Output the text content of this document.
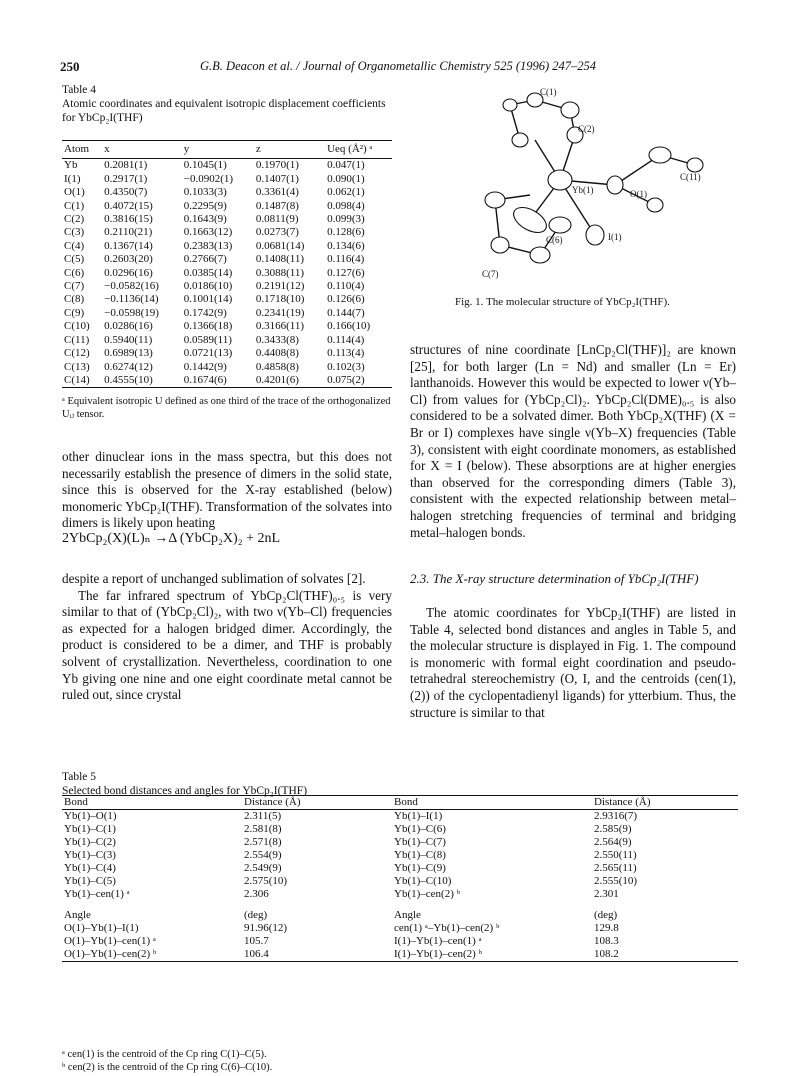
250	G.B. Deacon et al. / Journal of Organometallic Chemistry 525 (1996) 247–254
Table 4
Atomic coordinates and equivalent isotropic displacement coefficients for YbCp₂I(THF)
Atom	x	y	z	Ueq (Å²) ᵃ
Yb	0.2081(1)	0.1045(1)	0.1970(1)	0.047(1)
I(1)	0.2917(1)	−0.0902(1)	0.1407(1)	0.090(1)
O(1)	0.4350(7)	0.1033(3)	0.3361(4)	0.062(1)
C(1)	0.4072(15)	0.2295(9)	0.1487(8)	0.098(4)
C(2)	0.3816(15)	0.1643(9)	0.0811(9)	0.099(3)
C(3)	0.2110(21)	0.1663(12)	0.0273(7)	0.128(6)
C(4)	0.1367(14)	0.2383(13)	0.0681(14)	0.134(6)
C(5)	0.2603(20)	0.2766(7)	0.1408(11)	0.116(4)
C(6)	0.0296(16)	0.0385(14)	0.3088(11)	0.127(6)
C(7)	−0.0582(16)	0.0186(10)	0.2191(12)	0.110(4)
C(8)	−0.1136(14)	0.1001(14)	0.1718(10)	0.126(6)
C(9)	−0.0598(19)	0.1742(9)	0.2341(19)	0.144(7)
C(10)	0.0286(16)	0.1366(18)	0.3166(11)	0.166(10)
C(11)	0.5940(11)	0.0589(11)	0.3433(8)	0.114(4)
C(12)	0.6989(13)	0.0721(13)	0.4408(8)	0.113(4)
C(13)	0.6274(12)	0.1442(9)	0.4858(8)	0.102(3)
C(14)	0.4555(10)	0.1674(6)	0.4201(6)	0.075(2)
ᵃ Equivalent isotropic U defined as one third of the trace of the orthogonalized Uᵢⱼ tensor.
C(1)
C(2)
C(11)
O(1)
Yb(1)
C(6)	I(1)
C(7)
Fig. 1. The molecular structure of YbCp₂I(THF).
other dinuclear ions in the mass spectra, but this does not necessarily establish the presence of dimers in the solid state, since this is observed for the X-ray established (below) monomeric YbCp₂I(THF). Transformation of the solvates into dimers is likely upon heating
2YbCp₂(X)(L)ₙ →Δ (YbCp₂X)₂ + 2nL

despite a report of unchanged sublimation of solvates [2].

The far infrared spectrum of YbCp₂Cl(THF)₀.₅ is very similar to that of (YbCp₂Cl)₂, with two ν(Yb–Cl) frequencies as expected for a halogen bridged dimer. Accordingly, the product is considered to be a dimer, and THF is probably solvent of crystallization. Nevertheless, coordination to one Yb giving one nine and one eight coordinate metal cannot be ruled out, since crystal

structures of nine coordinate [LnCp₂Cl(THF)]₂ are known [25], for both larger (Ln = Nd) and smaller (Ln = Er) lanthanoids. However this would be expected to lower ν(Yb–Cl) from values for (YbCp₂Cl)₂. YbCp₂Cl(DME)₀.₅ is also considered to be a solvated dimer. Both YbCp₂X(THF) (X = Br or I) complexes have single ν(Yb–X) frequencies (Table 3), consistent with eight coordinate monomers, as established for X = I (below). These absorptions are at higher energies than observed for the corresponding dimers (Table 3), consistent with the expected relationship between metal–halogen stretching frequencies of terminal and bridging metal–halogen bonds.
2.3. The X-ray structure determination of YbCp₂I(THF)
The atomic coordinates for YbCp₂I(THF) are listed in Table 4, selected bond distances and angles in Table 5, and the molecular structure is displayed in Fig. 1. The compound is monomeric with formal eight coordination and pseudo-tetrahedral stereochemistry (O, I, and the centroids (cen(1), (2)) of the cyclopentadienyl ligands) for ytterbium. Thus, the structure is similar to that
Table 5
Selected bond distances and angles for YbCp₂I(THF)
Bond	Distance (Å)	Bond	Distance (Å)
Yb(1)–O(1)	2.311(5)	Yb(1)–I(1)	2.9316(7)
Yb(1)–C(1)	2.581(8)	Yb(1)–C(6)	2.585(9)
Yb(1)–C(2)	2.571(8)	Yb(1)–C(7)	2.564(9)
Yb(1)–C(3)	2.554(9)	Yb(1)–C(8)	2.550(11)
Yb(1)–C(4)	2.549(9)	Yb(1)–C(9)	2.565(11)
Yb(1)–C(5)	2.575(10)	Yb(1)–C(10)	2.555(10)
Yb(1)–cen(1) ᵃ	2.306	Yb(1)–cen(2) ᵇ	2.301
Angle	(deg)	Angle	(deg)
O(1)–Yb(1)–I(1)	91.96(12)	cen(1) ᵃ–Yb(1)–cen(2) ᵇ	129.8
O(1)–Yb(1)–cen(1) ᵃ	105.7	I(1)–Yb(1)–cen(1) ᵃ	108.3
O(1)–Yb(1)–cen(2) ᵇ	106.4	I(1)–Yb(1)–cen(2) ᵇ	108.2
ᵃ cen(1) is the centroid of the Cp ring C(1)–C(5).
ᵇ cen(2) is the centroid of the Cp ring C(6)–C(10).
